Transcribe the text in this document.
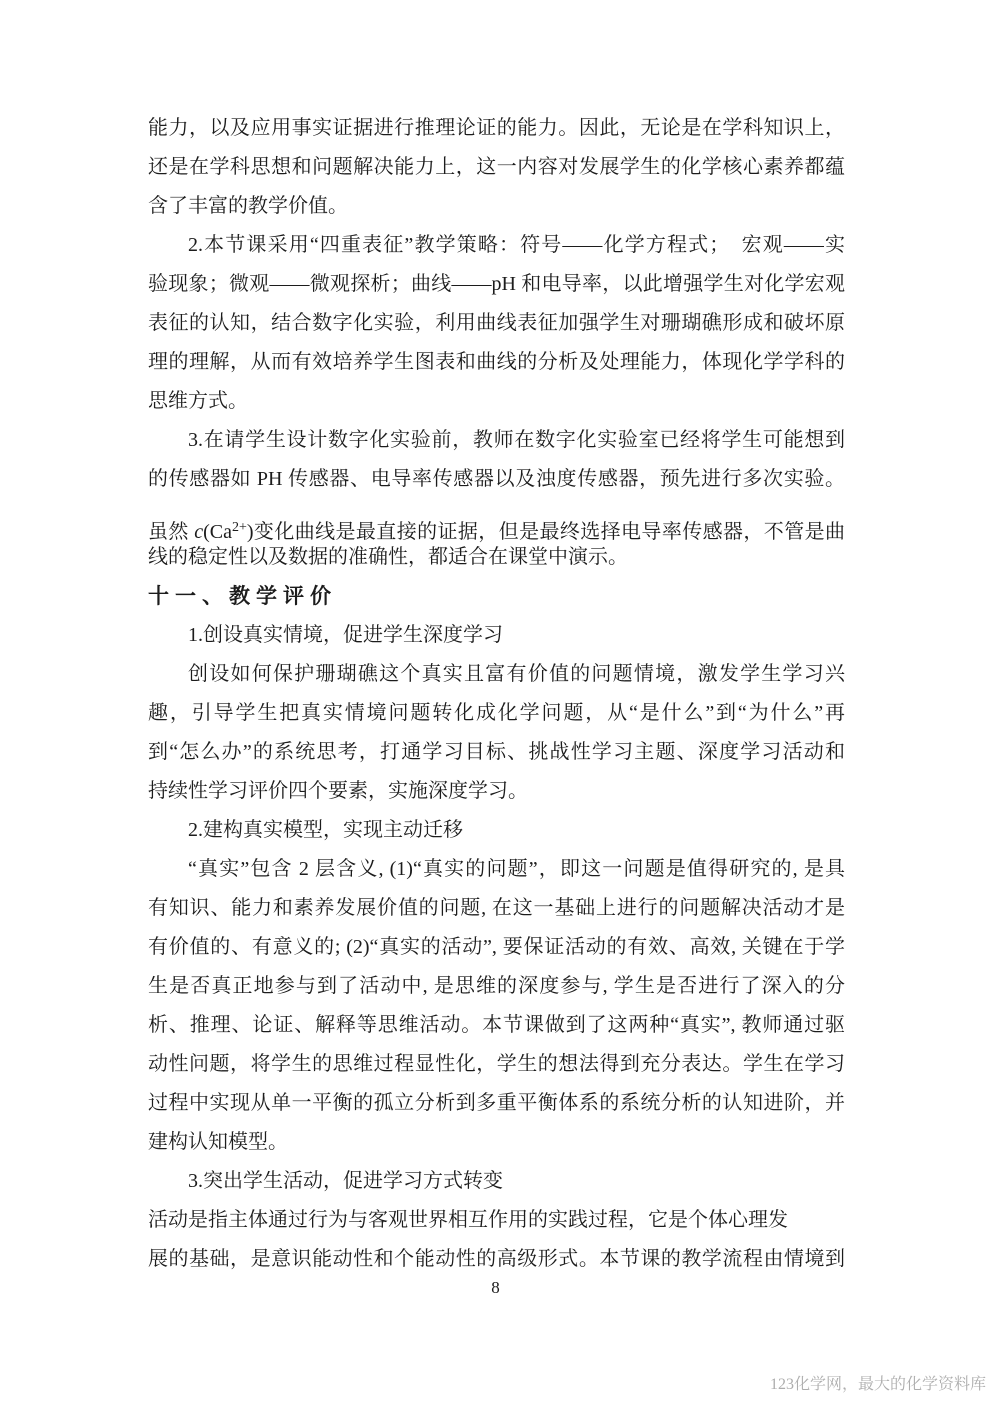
能力，以及应用事实证据进行推理论证的能力。因此，无论是在学科知识上，
还是在学科思想和问题解决能力上，这一内容对发展学生的化学核心素养都蕴
含了丰富的教学价值。
2.本节课采用“四重表征”教学策略：符号——化学方程式；　宏观——实
验现象；微观——微观探析；曲线——pH 和电导率，以此增强学生对化学宏观
表征的认知，结合数字化实验，利用曲线表征加强学生对珊瑚礁形成和破坏原
理的理解，从而有效培养学生图表和曲线的分析及处理能力，体现化学学科的
思维方式。
3.在请学生设计数字化实验前，教师在数字化实验室已经将学生可能想到
的传感器如 PH 传感器、电导率传感器以及浊度传感器，预先进行多次实验。
虽然 $c(Ca^{2+})$变化曲线是最直接的证据，但是最终选择电导率传感器，不管是曲
线的稳定性以及数据的准确性，都适合在课堂中演示。
十一、教学评价
1.创设真实情境，促进学生深度学习
创设如何保护珊瑚礁这个真实且富有价值的问题情境，激发学生学习兴
趣，引导学生把真实情境问题转化成化学问题，从“是什么”到“为什么”再
到“怎么办”的系统思考，打通学习目标、挑战性学习主题、深度学习活动和
持续性学习评价四个要素，实施深度学习。
2.建构真实模型，实现主动迁移
“真实”包含 2 层含义, (1)“真实的问题”，即这一问题是值得研究的, 是具
有知识、能力和素养发展价值的问题, 在这一基础上进行的问题解决活动才是
有价值的、有意义的; (2)“真实的活动”, 要保证活动的有效、高效, 关键在于学
生是否真正地参与到了活动中, 是思维的深度参与, 学生是否进行了深入的分
析、推理、论证、解释等思维活动。本节课做到了这两种“真实”, 教师通过驱
动性问题，将学生的思维过程显性化，学生的想法得到充分表达。学生在学习
过程中实现从单一平衡的孤立分析到多重平衡体系的系统分析的认知进阶，并
建构认知模型。
3.突出学生活动，促进学习方式转变
活动是指主体通过行为与客观世界相互作用的实践过程，它是个体心理发
展的基础，是意识能动性和个能动性的高级形式。本节课的教学流程由情境到
8
123化学网，最大的化学资料库
